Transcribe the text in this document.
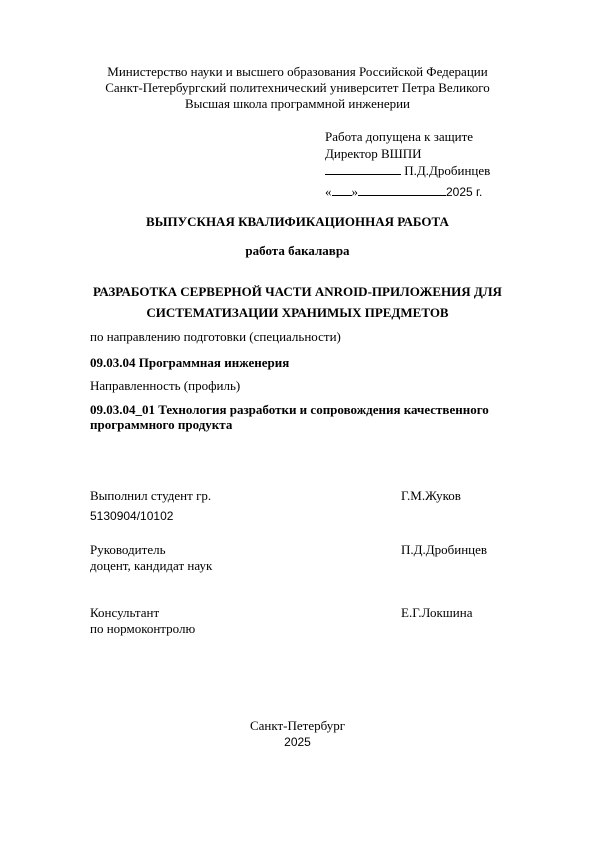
Министерство науки и высшего образования Российской Федерации
Санкт-Петербургский политехнический университет Петра Великого
Высшая школа программной инженерии
Работа допущена к защите
Директор ВШПИ
П.Д.Дробинцев
« »	2025 г.
ВЫПУСКНАЯ КВАЛИФИКАЦИОННАЯ РАБОТА
работа бакалавра
РАЗРАБОТКА СЕРВЕРНОЙ ЧАСТИ ANROID-ПРИЛОЖЕНИЯ ДЛЯ
СИСТЕМАТИЗАЦИИ ХРАНИМЫХ ПРЕДМЕТОВ
по направлению подготовки (специальности)
09.03.04 Программная инженерия
Направленность (профиль)
09.03.04_01 Технология разработки и сопровождения качественного
программного продукта
Выполнил студент гр.
5130904/10102
Г.М.Жуков
Руководитель
доцент, кандидат наук
П.Д.Дробинцев
Консультант
по нормоконтролю
Е.Г.Локшина
Санкт-Петербург
2025
